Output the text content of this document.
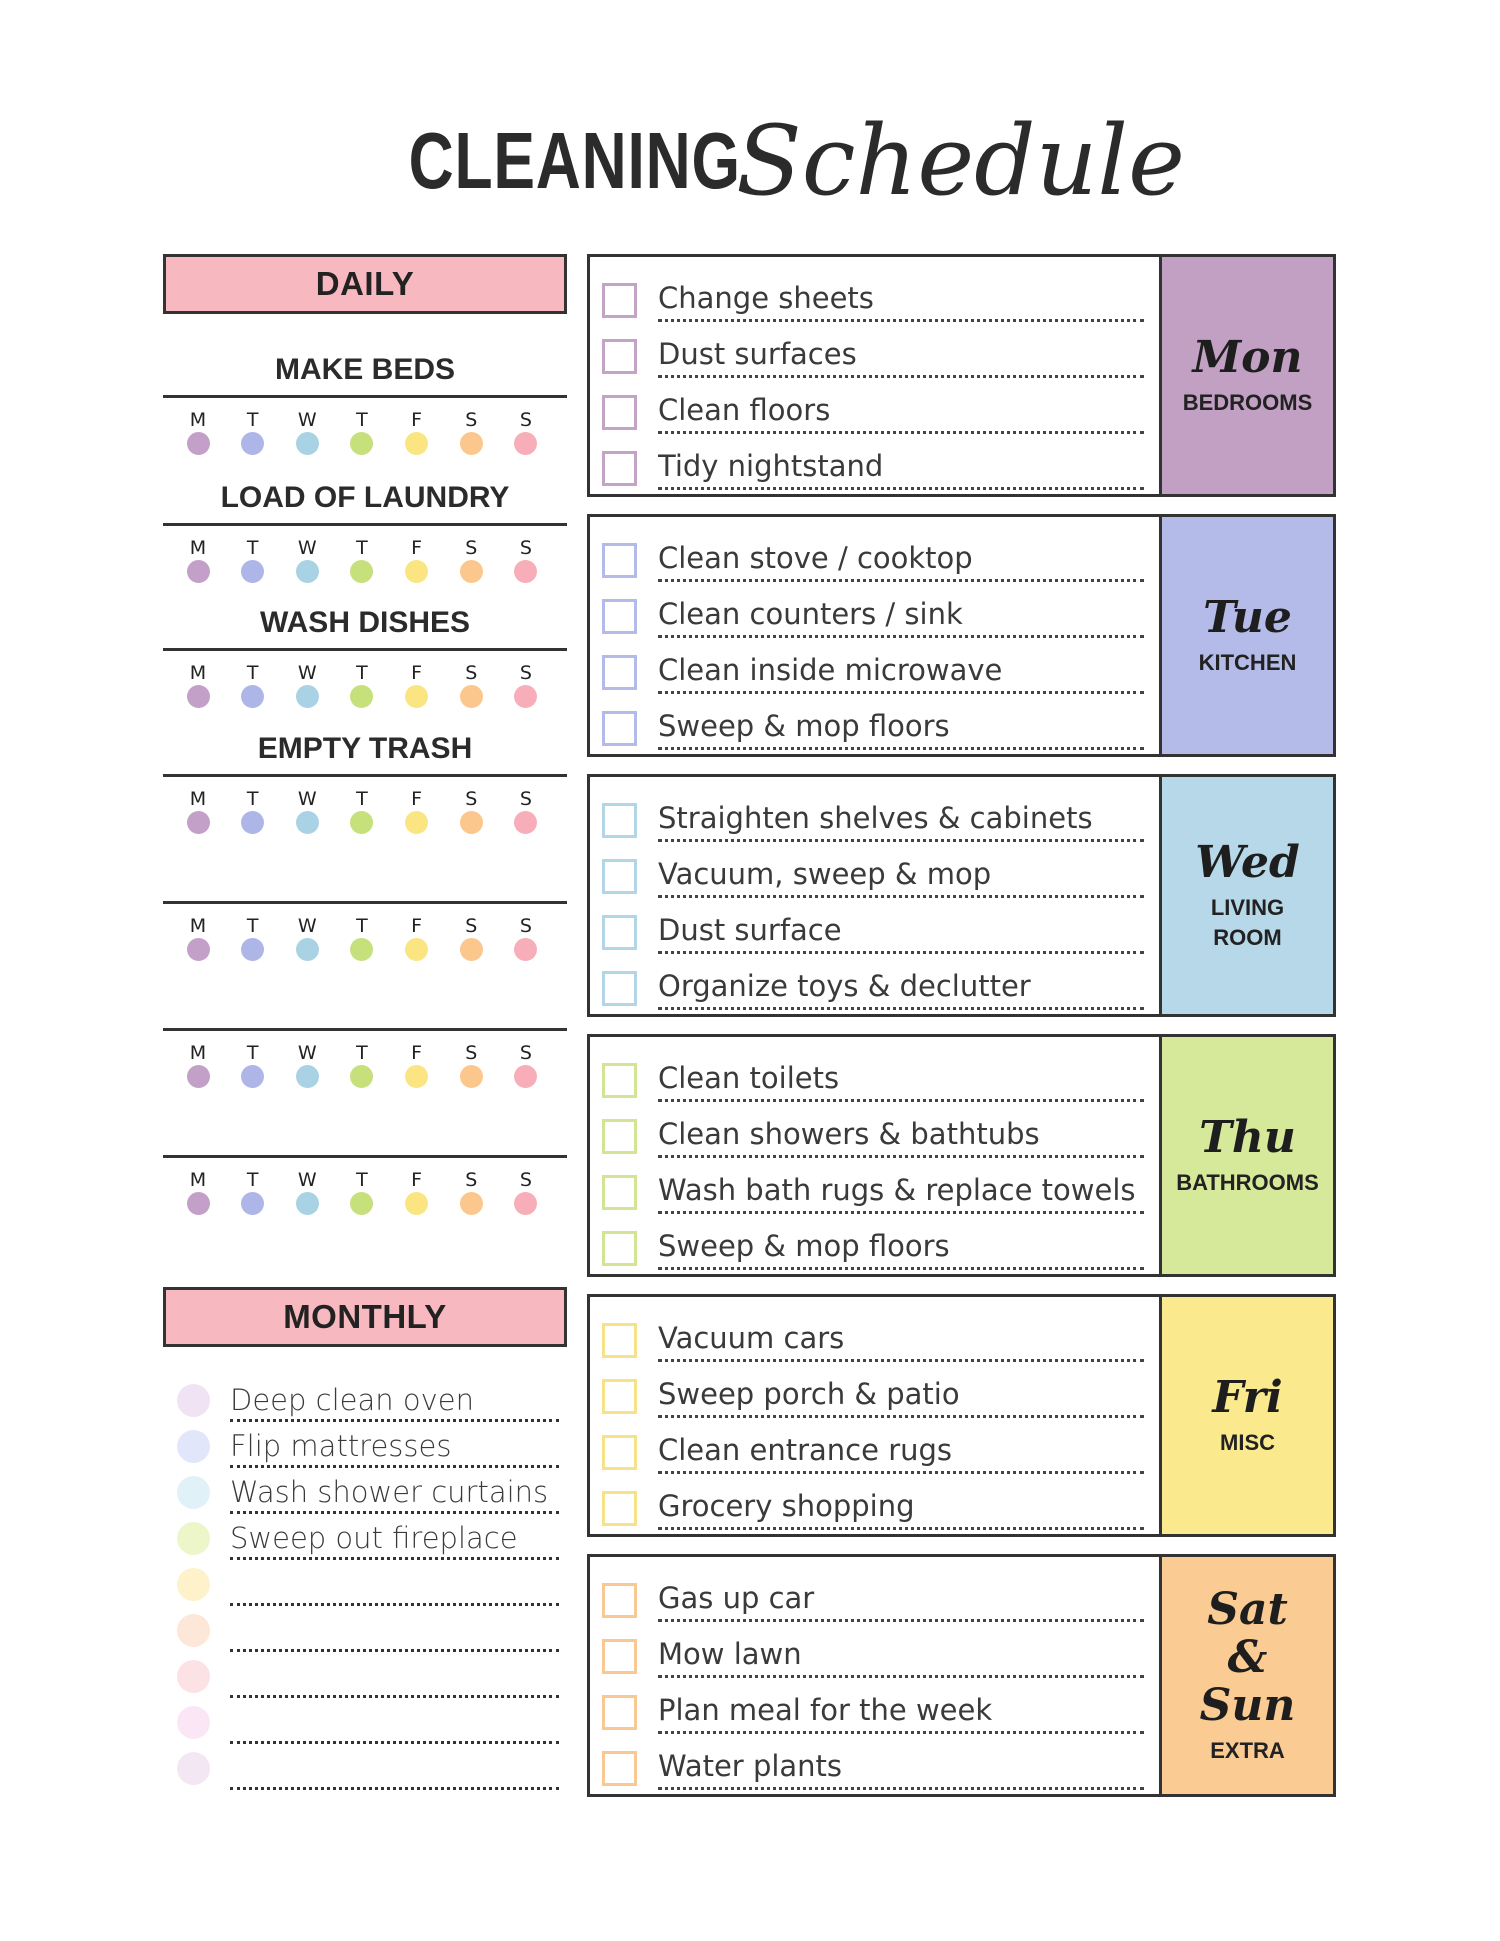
CLEANING Schedule
DAILY
MAKE BEDS
M	T	W	T	F	S	S
LOAD OF LAUNDRY
M	T	W	T	F	S	S
WASH DISHES
M	T	W	T	F	S	S
EMPTY TRASH
M	T	W	T	F	S	S
M	T	W	T	F	S	S
M	T	W	T	F	S	S
M	T	W	T	F	S	S
MONTHLY
Deep clean oven
Flip mattresses
Wash shower curtains
Sweep out fireplace
Change sheets
Dust surfaces
Clean floors
Tidy nightstand
Mon
BEDROOMS
Clean stove / cooktop
Clean counters / sink
Clean inside microwave
Sweep & mop floors
Tue
KITCHEN
Straighten shelves & cabinets
Vacuum, sweep & mop
Dust surface
Organize toys & declutter
Wed
LIVING
ROOM
Clean toilets
Clean showers & bathtubs
Wash bath rugs & replace towels
Sweep & mop floors
Thu
BATHROOMS
Vacuum cars
Sweep porch & patio
Clean entrance rugs
Grocery shopping
Fri
MISC
Gas up car
Mow lawn
Plan meal for the week
Water plants
Sat
&
Sun
EXTRA
